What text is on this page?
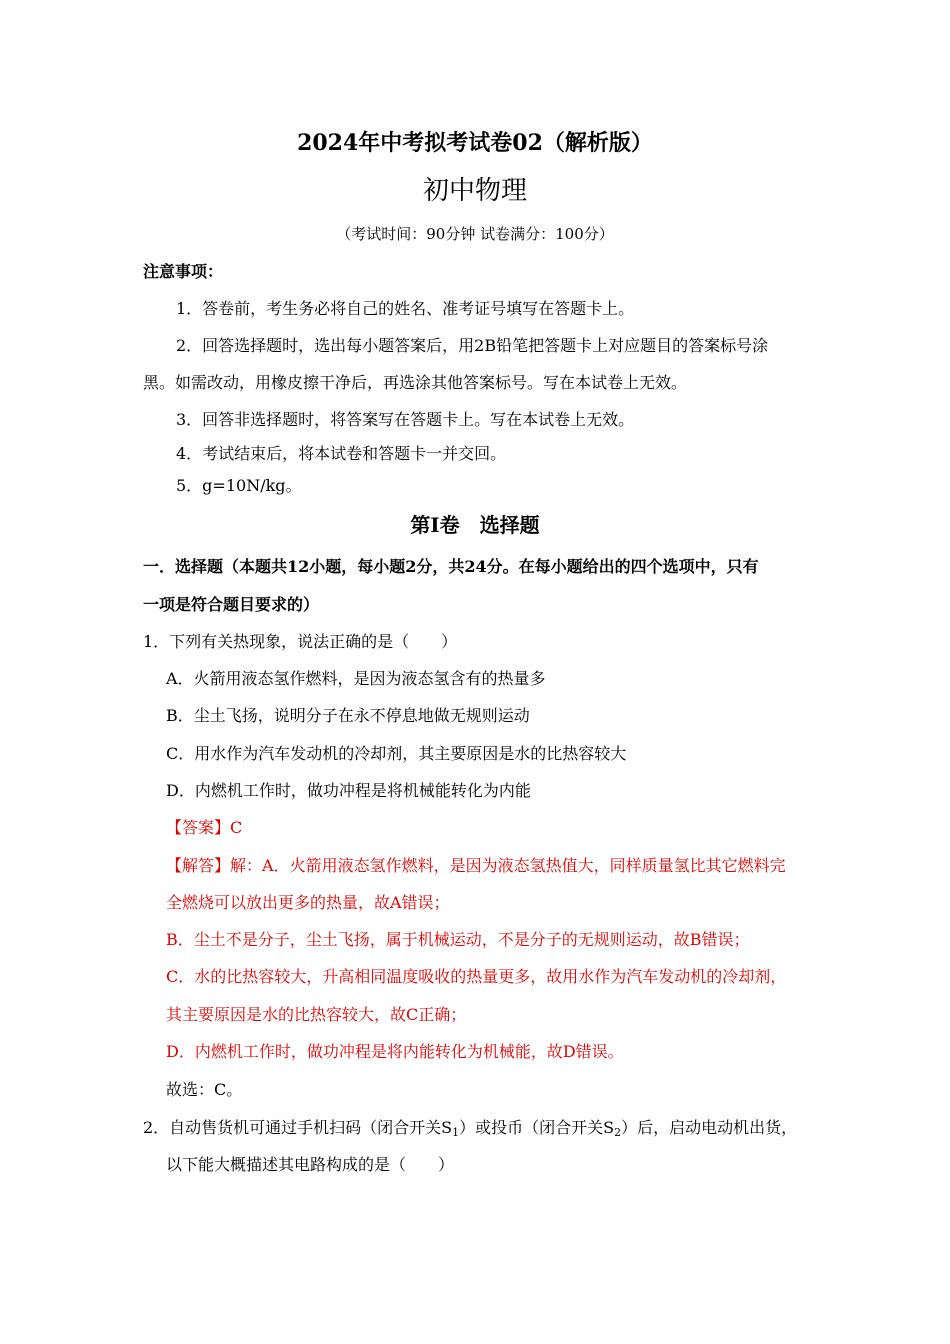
2024年中考拟考试卷02（解析版）
初中物理
（考试时间：90分钟 试卷满分：100分）
注意事项：
1．答卷前，考生务必将自己的姓名、准考证号填写在答题卡上。
2．回答选择题时，选出每小题答案后，用2B铅笔把答题卡上对应题目的答案标号涂
黑。如需改动，用橡皮擦干净后，再选涂其他答案标号。写在本试卷上无效。
3．回答非选择题时，将答案写在答题卡上。写在本试卷上无效。
4．考试结束后，将本试卷和答题卡一并交回。
5．g=10N/kg。
第Ⅰ卷　选择题
一．选择题（本题共12小题，每小题2分，共24分。在每小题给出的四个选项中，只有
一项是符合题目要求的）
1．下列有关热现象，说法正确的是（　　）
A．火箭用液态氢作燃料，是因为液态氢含有的热量多
B．尘土飞扬，说明分子在永不停息地做无规则运动
C．用水作为汽车发动机的冷却剂，其主要原因是水的比热容较大
D．内燃机工作时，做功冲程是将机械能转化为内能
【答案】C
【解答】解：A．火箭用液态氢作燃料，是因为液态氢热值大，同样质量氢比其它燃料完
全燃烧可以放出更多的热量，故A错误；
B．尘土不是分子，尘土飞扬，属于机械运动，不是分子的无规则运动，故B错误；
C．水的比热容较大，升高相同温度吸收的热量更多，故用水作为汽车发动机的冷却剂，
其主要原因是水的比热容较大，故C正确；
D．内燃机工作时，做功冲程是将内能转化为机械能，故D错误。
故选：C。
2．自动售货机可通过手机扫码（闭合开关$S_1$）或投币（闭合开关$S_2$）后，启动电动机出货，
以下能大概描述其电路构成的是（　　）
